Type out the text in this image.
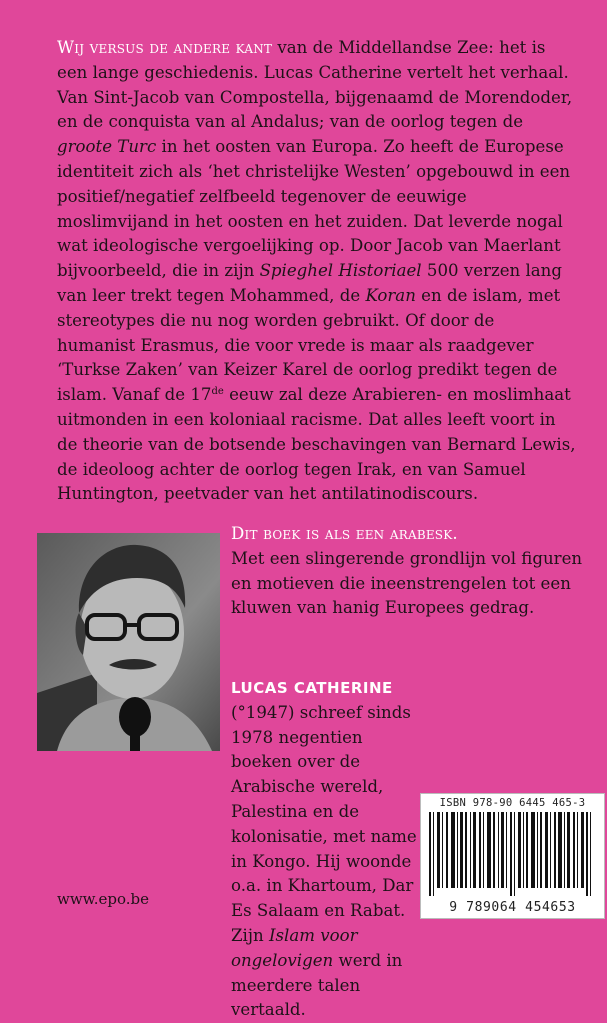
Wij versus de andere kant van de Middellandse Zee: het is een lange geschiedenis. Lucas Catherine vertelt het verhaal. Van Sint-Jacob van Compostella, bijgenaamd de Morendoder, en de conquista van al Andalus; van de oorlog tegen de groote Turc in het oosten van Europa. Zo heeft de Europese identiteit zich als ‘het christelijke Westen’ opgebouwd in een positief/negatief zelfbeeld tegenover de eeuwige moslimvijand in het oosten en het zuiden. Dat leverde nogal wat ideologische vergoelijking op. Door Jacob van Maerlant bijvoorbeeld, die in zijn Spieghel Historiael 500 verzen lang van leer trekt tegen Mohammed, de Koran en de islam, met stereotypes die nu nog worden gebruikt. Of door de humanist Erasmus, die voor vrede is maar als raadgever ‘Turkse Zaken’ van Keizer Karel de oorlog predikt tegen de islam. Vanaf de 17de eeuw zal deze Arabieren- en moslimhaat uitmonden in een koloniaal racisme. Dat alles leeft voort in de theorie van de botsende beschavingen van Bernard Lewis, de ideoloog achter de oorlog tegen Irak, en van Samuel Huntington, peetvader van het antilatinodiscours.

Dit boek is als een arabesk.
Met een slingerende grondlijn vol figuren en motieven die ineenstrengelen tot een kluwen van hanig Europees gedrag.
LUCAS CATHERINE (°1947) schreef sinds 1978 negentien boeken over de Arabische wereld, Palestina en de kolonisatie, met name in Kongo. Hij woonde o.a. in Khartoum, Dar Es Salaam en Rabat. Zijn Islam voor ongelovigen werd in meerdere talen vertaald.
www.epo.be
ISBN 978-90 6445 465-3
9 789064 454653
